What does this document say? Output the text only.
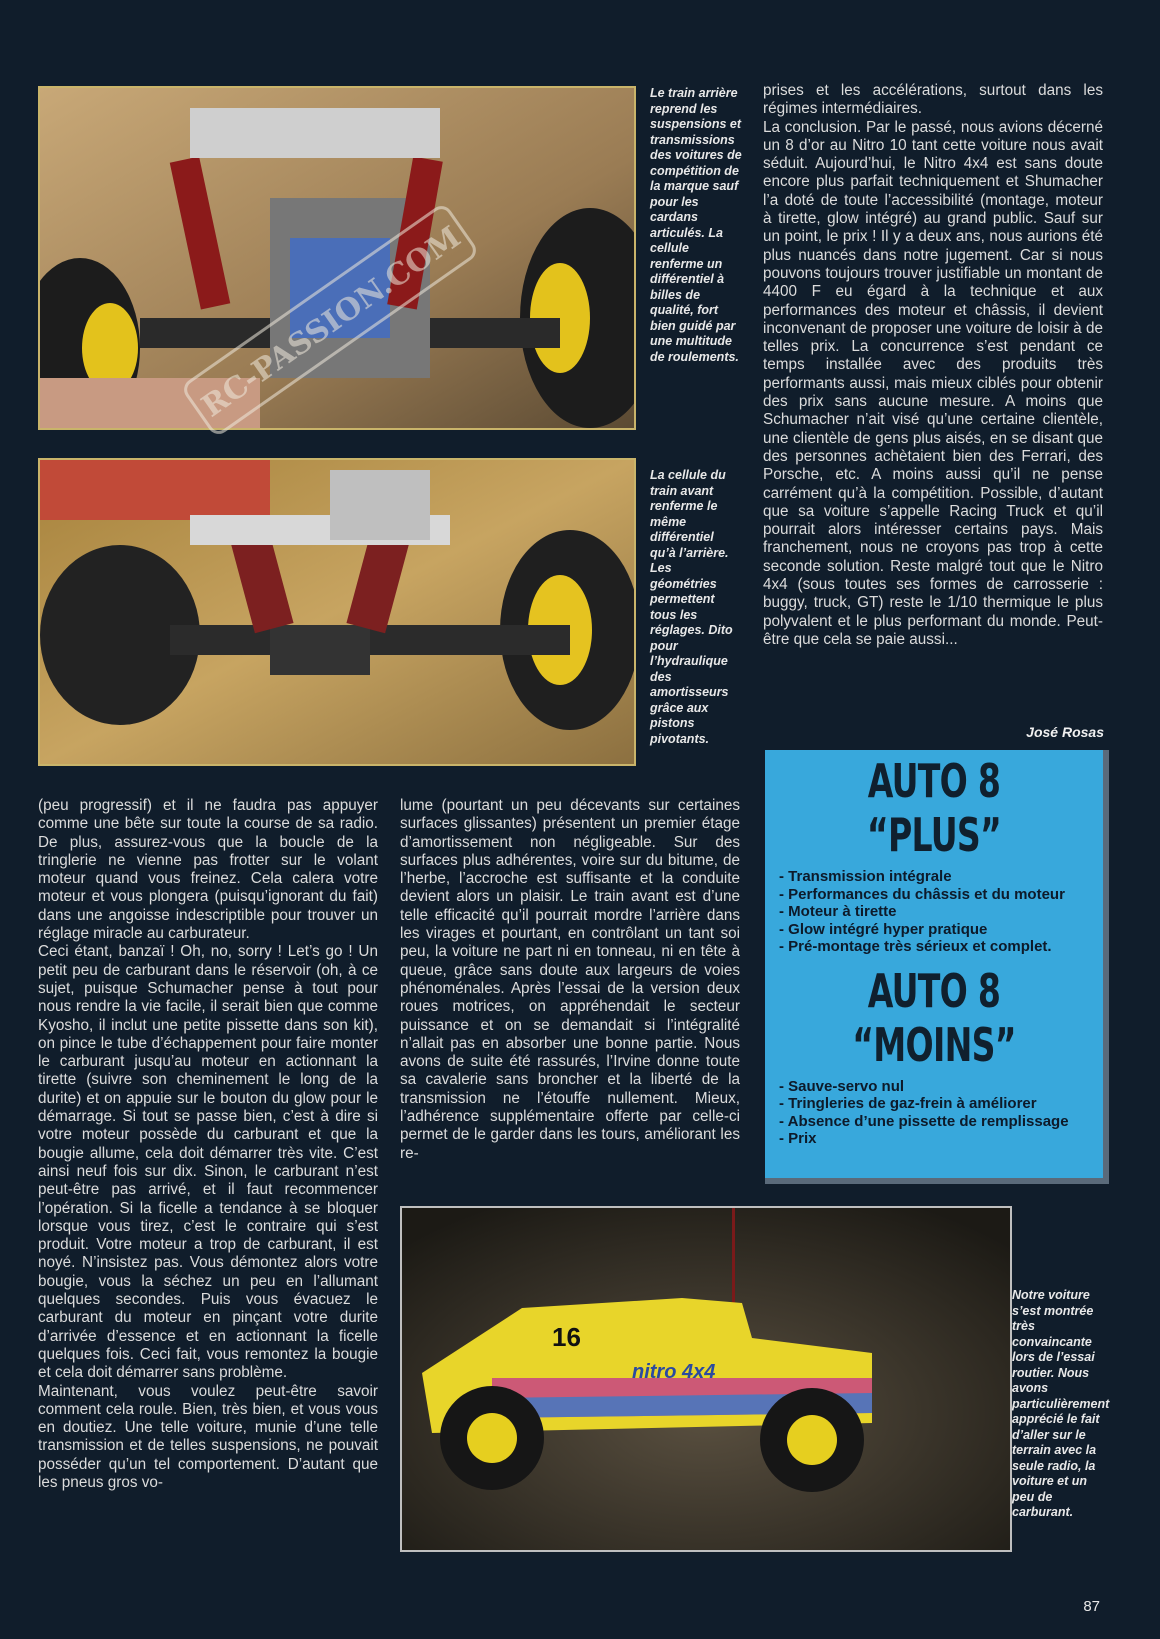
Le train arrière reprend les suspensions et transmissions des voitures de compétition de la marque sauf pour les cardans articulés. La cellule renferme un différentiel à billes de qualité, fort bien guidé par une multitude de roulements.

La cellule du train avant renferme le même différentiel qu’à l’arrière. Les géométries permettent tous les réglages. Dito pour l’hydraulique des amortisseurs grâce aux pistons pivotants.

prises et les accélérations, surtout dans les régimes intermédiaires.

La conclusion. Par le passé, nous avions décerné un 8 d’or au Nitro 10 tant cette voiture nous avait séduit. Aujourd’hui, le Nitro 4x4 est sans doute encore plus parfait techniquement et Shumacher l’a doté de toute l’accessibilité (montage, moteur à tirette, glow intégré) au grand public. Sauf sur un point, le prix ! Il y a deux ans, nous aurions été plus nuancés dans notre jugement. Car si nous pouvons toujours trouver justifiable un montant de 4400 F eu égard à la technique et aux performances des moteur et châssis, il devient inconvenant de proposer une voiture de loisir à de telles prix. La concurrence s’est pendant ce temps installée avec des produits très performants aussi, mais mieux ciblés pour obtenir des prix sans aucune mesure. A moins que Schumacher n’ait visé qu’une certaine clientèle, une clientèle de gens plus aisés, en se disant que des personnes achètaient bien des Ferrari, des Porsche, etc. A moins aussi qu’il ne pense carrément qu’à la compétition. Possible, d’autant que sa voiture s’appelle Racing Truck et qu’il pourrait alors intéresser certains pays. Mais franchement, nous ne croyons pas trop à cette seconde solution. Reste malgré tout que le Nitro 4x4 (sous toutes ses formes de carrosserie : buggy, truck, GT) reste le 1/10 thermique le plus polyvalent et le plus performant du monde. Peut-être que cela se paie aussi...

José Rosas
AUTO 8 “PLUS”
- Transmission intégrale
- Performances du châssis et du moteur
- Moteur à tirette
- Glow intégré hyper pratique
- Pré-montage très sérieux et complet.
AUTO 8 “MOINS”
- Sauve-servo nul
- Tringleries de gaz-frein à améliorer
- Absence d’une pissette de remplissage
- Prix

(peu progressif) et il ne faudra pas appuyer comme une bête sur toute la course de sa radio. De plus, assurez-vous que la boucle de la tringlerie ne vienne pas frotter sur le volant moteur quand vous freinez. Cela calera votre moteur et vous plongera (puisqu’ignorant du fait) dans une angoisse indescriptible pour trouver un réglage miracle au carburateur.

Ceci étant, banzaï ! Oh, no, sorry ! Let’s go ! Un petit peu de carburant dans le réservoir (oh, à ce sujet, puisque Schumacher pense à tout pour nous rendre la vie facile, il serait bien que comme Kyosho, il inclut une petite pissette dans son kit), on pince le tube d’échappement pour faire monter le carburant jusqu’au moteur en actionnant la tirette (suivre son cheminement le long de la durite) et on appuie sur le bouton du glow pour le démarrage. Si tout se passe bien, c’est à dire si votre moteur possède du carburant et que la bougie allume, cela doit démarrer très vite. C’est ainsi neuf fois sur dix. Sinon, le carburant n’est peut-être pas arrivé, et il faut recommencer l’opération. Si la ficelle a tendance à se bloquer lorsque vous tirez, c’est le contraire qui s’est produit. Votre moteur a trop de carburant, il est noyé. N’insistez pas. Vous démontez alors votre bougie, vous la séchez un peu en l’allumant quelques secondes. Puis vous évacuez le carburant du moteur en pinçant votre durite d’arrivée d’essence et en actionnant la ficelle quelques fois. Ceci fait, vous remontez la bougie et cela doit démarrer sans problème.

Maintenant, vous voulez peut-être savoir comment cela roule. Bien, très bien, et vous vous en doutiez. Une telle voiture, munie d’une telle transmission et de telles suspensions, ne pouvait posséder qu’un tel comportement. D’autant que les pneus gros vo-

lume (pourtant un peu décevants sur certaines surfaces glissantes) présentent un premier étage d’amortissement non négligeable. Sur des surfaces plus adhérentes, voire sur du bitume, de l’herbe, l’accroche est suffisante et la conduite devient alors un plaisir. Le train avant est d’une telle efficacité qu’il pourrait mordre l’arrière dans les virages et pourtant, en contrôlant un tant soi peu, la voiture ne part ni en tonneau, ni en tête à queue, grâce sans doute aux largeurs de voies phénoménales. Après l’essai de la version deux roues motrices, on appréhendait le secteur puissance et on se demandait si l’intégralité n’allait pas en absorber une bonne partie. Nous avons de suite été rassurés, l’Irvine donne toute sa cavalerie sans broncher et la liberté de la transmission ne l’étouffe nullement. Mieux, l’adhérence supplémentaire offerte par celle-ci permet de le garder dans les tours, améliorant les re-

16
nitro 4x4

Notre voiture s’est montrée très convaincante lors de l’essai routier. Nous avons particulièrement apprécié le fait d’aller sur le terrain avec la seule radio, la voiture et un peu de carburant.

RC-PASSION.COM
87
